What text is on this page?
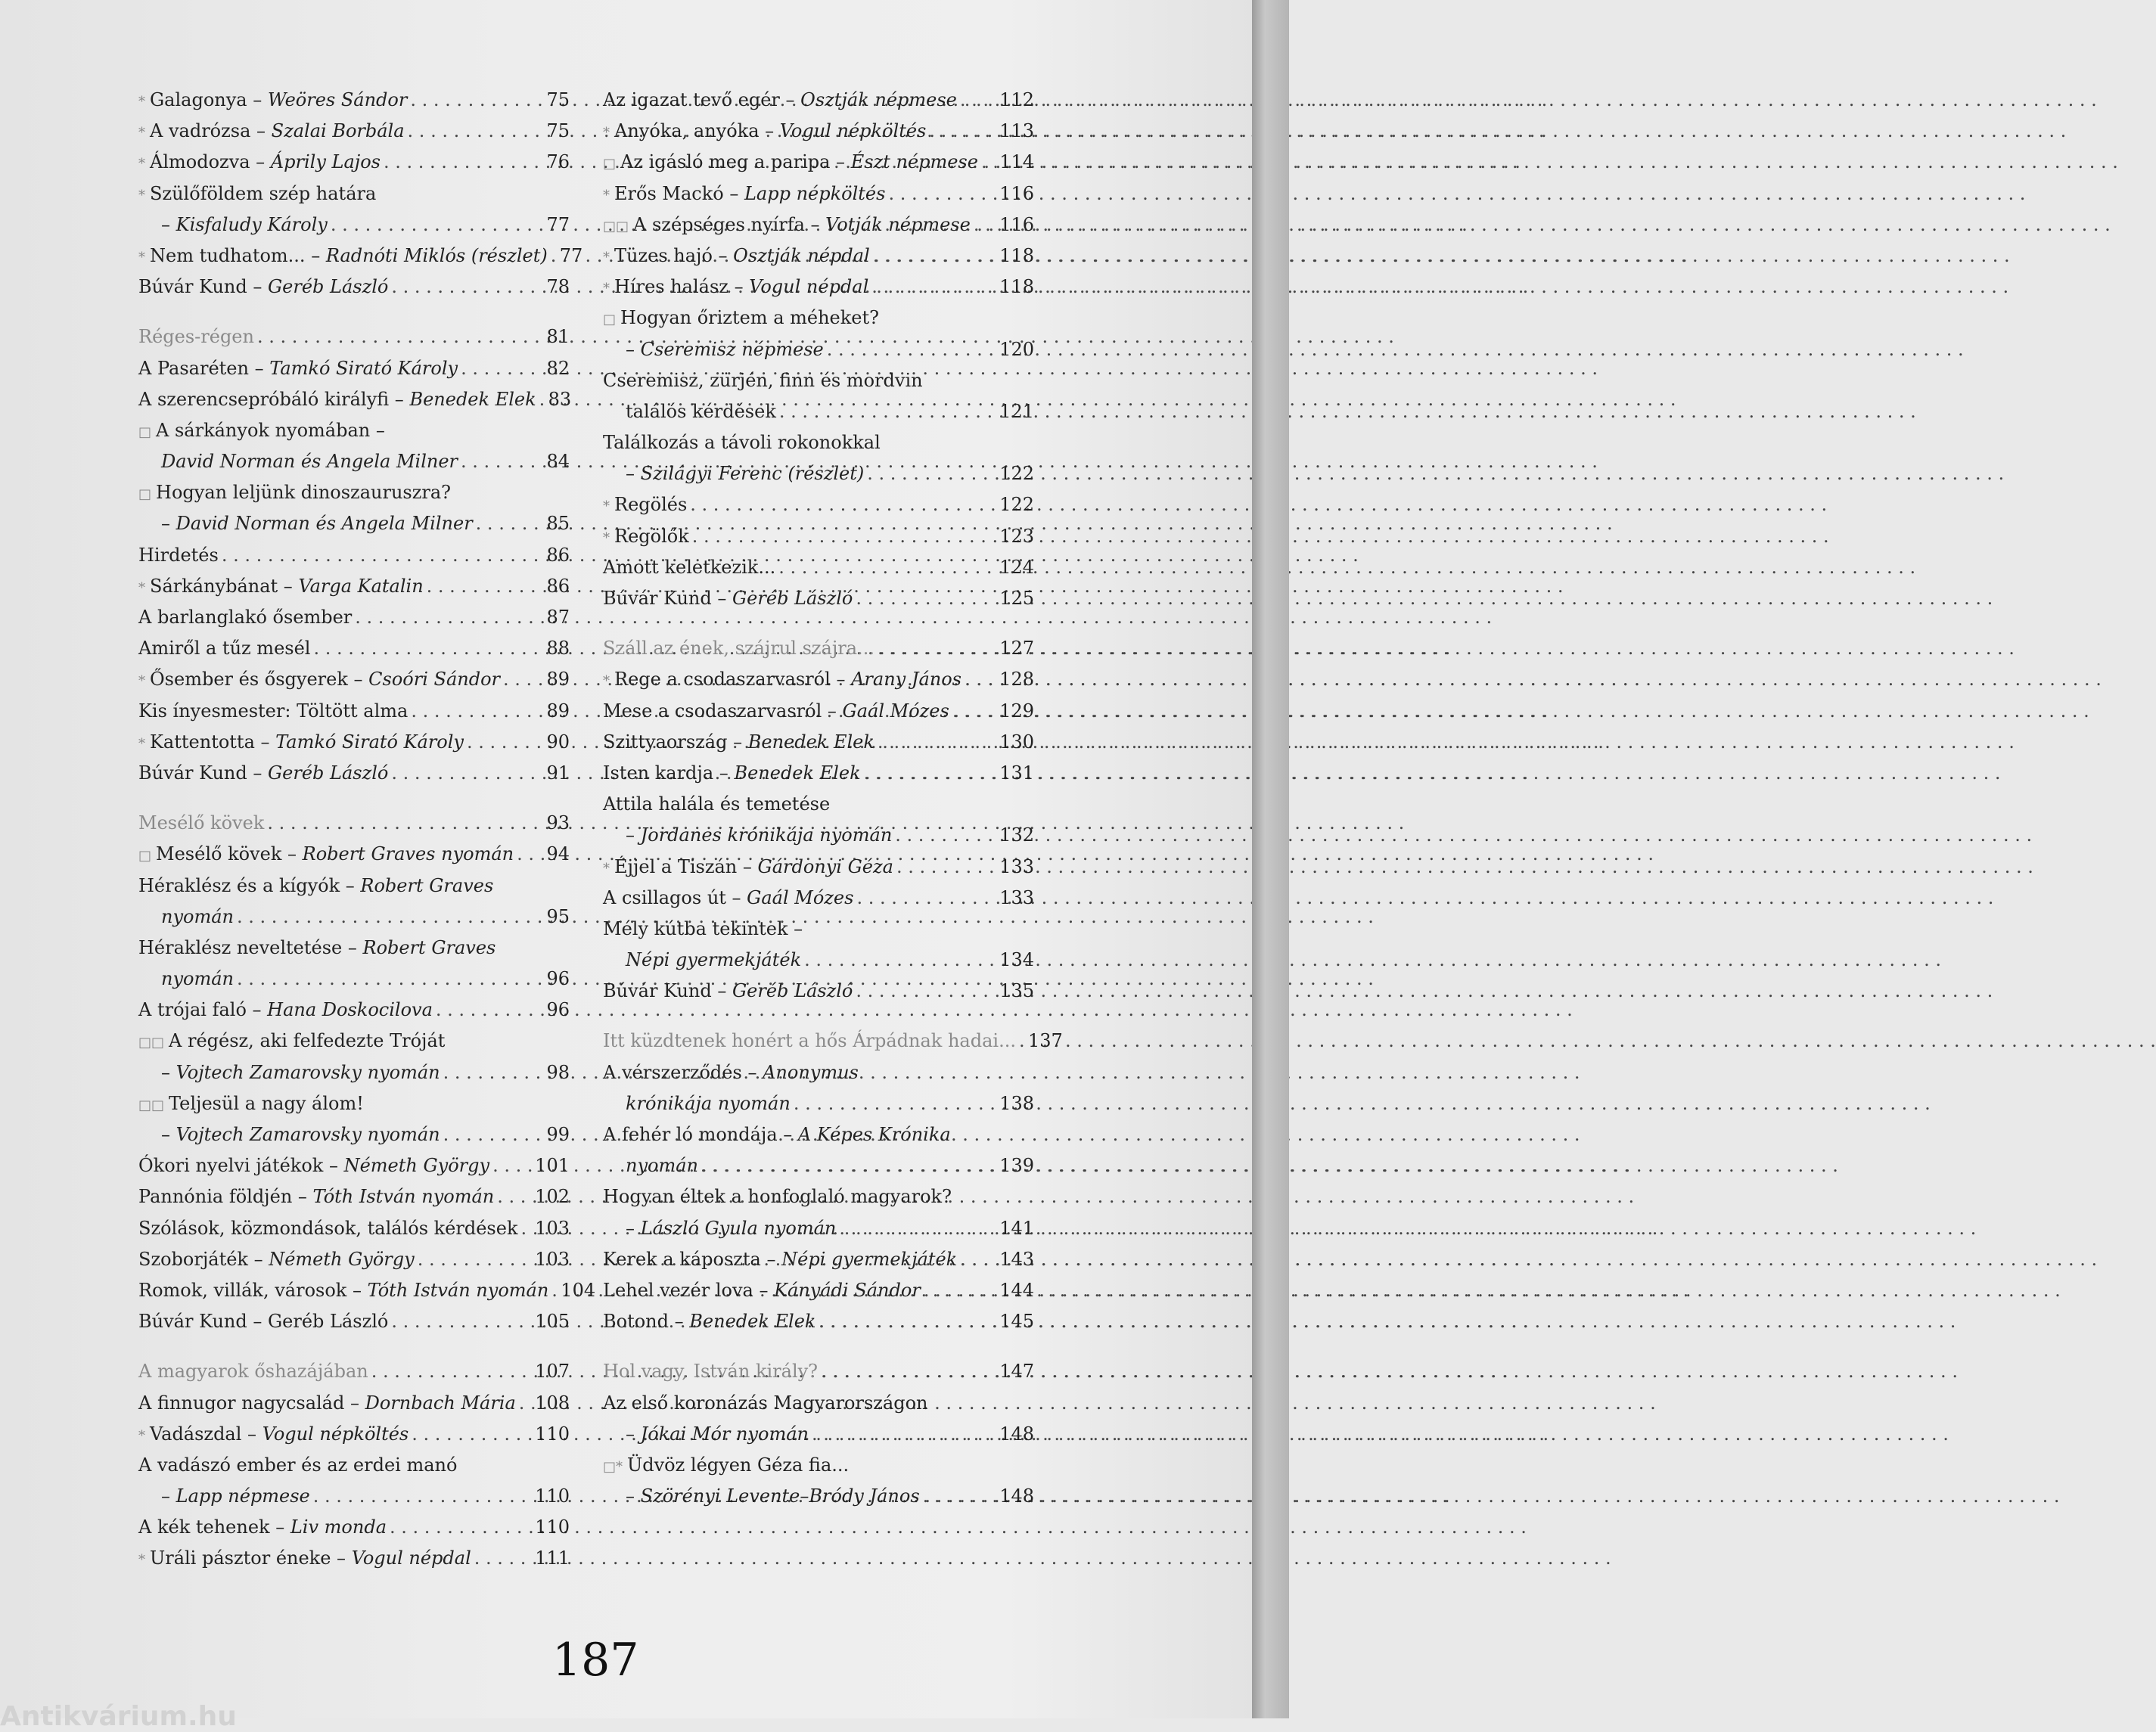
* Galagonya – Weöres Sándor . . .	75
* A vadrózsa – Szalai Borbála . . .	75
* Álmodozva – Áprily Lajos . . .	76
* Szülőföldem szép határa
– Kisfaludy Károly . . .	77
* Nem tudhatom... – Radnóti Miklós (részlet) . . . 77
Búvár Kund – Geréb László . . .	78
Réges-régen . . .	81
A Pasaréten – Tamkó Sirató Károly . . .	82
A szerencsepróbáló királyfi – Benedek Elek . . . 83
□ A sárkányok nyomában –
David Norman és Angela Milner . . .	84
□ Hogyan leljünk dinoszauruszra?
– David Norman és Angela Milner . . .	85
Hirdetés . . .	86
* Sárkánybánat – Varga Katalin . . .	86
A barlanglakó ősember . . .	87
Amiről a tűz mesél . . .	88
* Ősember és ősgyerek – Csoóri Sándor . . .	89
Kis ínyesmester: Töltött alma . . .	89
* Kattentotta – Tamkó Sirató Károly . . .	90
Búvár Kund – Geréb László . . .	91
Mesélő kövek . . .	93
□ Mesélő kövek – Robert Graves nyomán . . . 94
Héraklész és a kígyók – Robert Graves
nyomán . . .	95
Héraklész neveltetése – Robert Graves
nyomán . . .	96
A trójai faló – Hana Doskocilova . . .	96
□□ A régész, aki felfedezte Tróját
– Vojtech Zamarovsky nyomán . . .	98
□□ Teljesül a nagy álom!
– Vojtech Zamarovsky nyomán . . .	99
Ókori nyelvi játékok – Németh György . . .	101
Pannónia földjén – Tóth István nyomán . . . 102
Szólások, közmondások, találós kérdések . . . 103
Szoborjáték – Németh György . . .	103
Romok, villák, városok – Tóth István nyomán . . . 104
Búvár Kund – Geréb László . . .	105
A magyarok őshazájában . . .	107
A finnugor nagycsalád – Dornbach Mária . . . 108
* Vadászdal – Vogul népköltés . . .	110
A vadászó ember és az erdei manó
– Lapp népmese . . .	110
A kék tehenek – Liv monda . . .	110
* Uráli pásztor éneke – Vogul népdal . . .	111
Az igazat tevő egér – Osztják népmese . . . 112
* Anyóka, anyóka – Vogul népköltés . . .	113
□ Az igásló meg a paripa – Észt népmese . . . 114
* Erős Mackó – Lapp népköltés . . .	116
□□ A szépséges nyírfa – Votják népmese . . . 116
* Tüzes hajó – Osztják népdal . . .	118
* Híres halász – Vogul népdal . . .	118
□ Hogyan őriztem a méheket?
– Cseremisz népmese . . .	120
Cseremisz, zürjén, finn és mordvin
találós kérdések . . .	121
Találkozás a távoli rokonokkal
– Szilágyi Ferenc (részlet) . . .	122
* Regölés . . .	122
* Regölők . . .	123
Amott keletkezik... . . .	124
Búvár Kund – Geréb László . . .	125
Száll az ének, szájrul szájra... . . .	127
* Rege a csodaszarvasról – Arany János . . . 128
Mese a csodaszarvasról – Gaál Mózes . . .	129
Szittyaország – Benedek Elek . . .	130
Isten kardja – Benedek Elek . . .	131
Attila halála és temetése
– Jordanes krónikája nyomán . . .	132
* Éjjel a Tiszán – Gárdonyi Géza . . .	133
A csillagos út – Gaál Mózes . . .	133
Mély kútba tekintek –
Népi gyermekjáték . . .	134
Búvár Kund – Geréb László . . .	135
Itt küzdtenek honért a hős Árpádnak hadai... . . . 137
A vérszerződés – Anonymus
krónikája nyomán . . .	138
A fehér ló mondája – A Képes Krónika
nyomán . . .	139
Hogyan éltek a honfoglaló magyarok?
– László Gyula nyomán . . .	141
Kerek a káposzta – Népi gyermekjáték . . . 143
Lehel vezér lova – Kányádi Sándor . . .	144
Botond – Benedek Elek . . .	145
Hol vagy, István király? . . .	147
Az első koronázás Magyarországon
– Jókai Mór nyomán . . .	148
□* Üdvöz légyen Géza fia...
– Szörényi Levente–Bródy János . . .	148
187
Antikvárium.hu
